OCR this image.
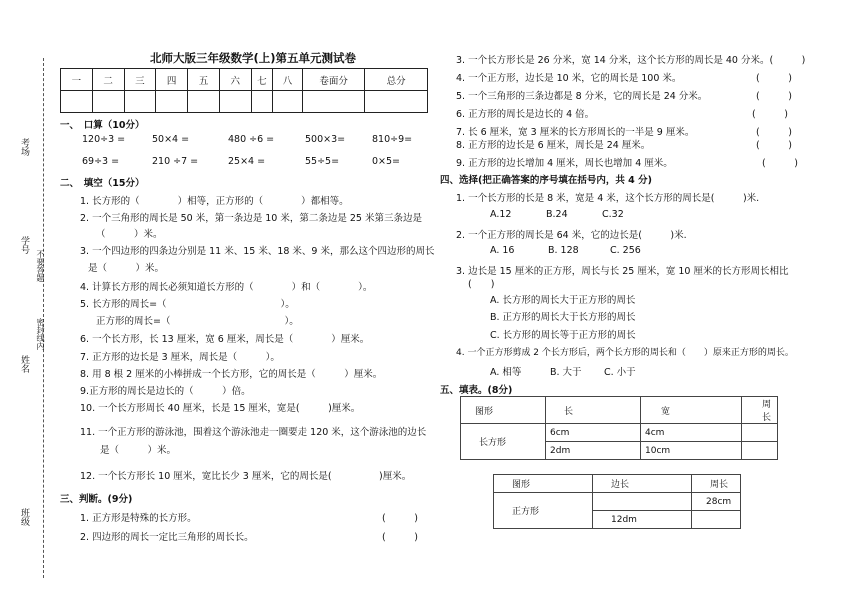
考场
学号
不要答题
密封线内
姓名
班级
北师大版三年级数学(上)第五单元测试卷
一	二	三	四	五	六	七	八	卷面分	总分

一、　口算（10分）
120÷3 =	50×4 =	480 ÷6 =	500×3=	810÷9=
69÷3 =	210 ÷7 =	25×4 =	55÷5=	0×5=
二、　填空（15分）
1. 长方形的（　　　　）相等，正方形的（　　　　）都相等。
2. 一个三角形的周长是 50 米，第一条边是 10 米，第二条边是 25 米第三条边是
（　　　）米。
3. 一个四边形的四条边分别是 11 米、15 米、18 米、9 米，那么这个四边形的周长
是（　　　）米。
4. 计算长方形的周长必须知道长方形的（　　　　）和（　　　　）。
5. 长方形的周长=（　　　　　　　　　　　　）。
正方形的周长=（　　　　　　　　　　　　）。
6. 一个长方形，长 13 厘米，宽 6 厘米，周长是（　　　　）厘米。
7. 正方形的边长是 3 厘米，周长是（　　　）。
8. 用 8 根 2 厘米的小棒拼成一个长方形，它的周长是（　　　）厘米。
9.正方形的周长是边长的（　　　）倍。
10. 一个长方形周长 40 厘米，长是 15 厘米，宽是(　　　)厘米。
11. 一个正方形的游泳池，围着这个游泳池走一圈要走 120 米，这个游泳池的边长
是（　　　）米。
12. 一个长方形长 10 厘米，宽比长少 3 厘米，它的周长是(　　　　　)厘米。
三、判断。(9分)
1. 正方形是特殊的长方形。	(　　　)
2. 四边形的周长一定比三角形的周长长。	(　　　)
3. 一个长方形长是 26 分米，宽 14 分米，这个长方形的周长是 40 分米。(　　　)
4. 一个正方形，边长是 10 米，它的周长是 100 米。	(　　　)
5. 一个三角形的三条边都是 8 分米，它的周长是 24 分米。	(　　　)
6. 正方形的周长是边长的 4 倍。	(　　　)
7. 长 6 厘米，宽 3 厘米的长方形周长的一半是 9 厘米。	(　　　)
8. 正方形的边长是 6 厘米，周长是 24 厘米。	(　　　)
9. 正方形的边长增加 4 厘米，周长也增加 4 厘米。	(　　　)
四、选择(把正确答案的序号填在括号内，共 4 分)
1. 一个长方形的长是 8 米，宽是 4 米，这个长方形的周长是(　　　)米.
A.12	B.24	C.32
2. 一个正方形的周长是 64 米，它的边长是(　　　)米.
A. 16	B. 128	C. 256
3. 边长是 15 厘米的正方形，周长与长 25 厘米，宽 10 厘米的长方形周长相比
(　　)
A. 长方形的周长大于正方形的周长
B. 正方形的周长大于长方形的周长
C. 长方形的周长等于正方形的周长
4. 一个正方形剪成 2 个长方形后，两个长方形的周长和（　　）原来正方形的周长。
A. 相等	B. 大于 C. 小于
五、填表。(8分)
图形	长	宽	周长
长方形	6cm	4cm	
	2dm	10cm	
图形	边长	周长
正方形		28cm
	12dm	
